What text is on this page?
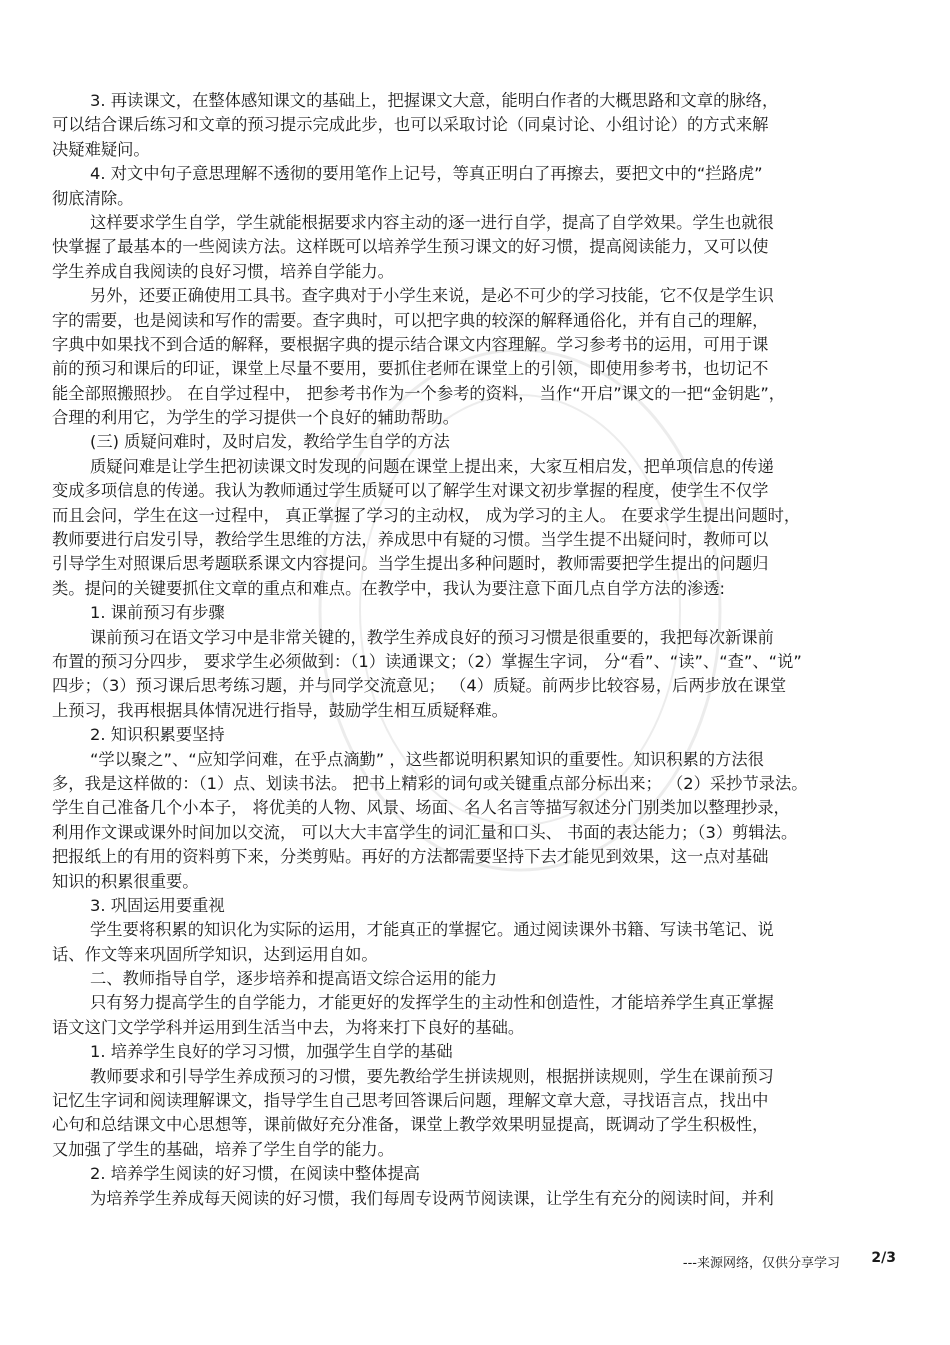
3. 再读课文，在整体感知课文的基础上，把握课文大意，能明白作者的大概思路和文章的脉络，
可以结合课后练习和文章的预习提示完成此步，也可以采取讨论（同桌讨论、小组讨论）的方式来解
决疑难疑问。
4. 对文中句子意思理解不透彻的要用笔作上记号，等真正明白了再擦去，要把文中的“拦路虎”
彻底清除。
这样要求学生自学，学生就能根据要求内容主动的逐一进行自学，提高了自学效果。学生也就很
快掌握了最基本的一些阅读方法。这样既可以培养学生预习课文的好习惯，提高阅读能力，又可以使
学生养成自我阅读的良好习惯，培养自学能力。
另外，还要正确使用工具书。查字典对于小学生来说，是必不可少的学习技能，它不仅是学生识
字的需要，也是阅读和写作的需要。查字典时，可以把字典的较深的解释通俗化，并有自己的理解，
字典中如果找不到合适的解释，要根据字典的提示结合课文内容理解。学习参考书的运用，可用于课
前的预习和课后的印证，课堂上尽量不要用，要抓住老师在课堂上的引领，即使用参考书，也切记不
能全部照搬照抄。 在自学过程中， 把参考书作为一个参考的资料， 当作“开启”课文的一把“金钥匙”，
合理的利用它，为学生的学习提供一个良好的辅助帮助。
(三) 质疑问难时，及时启发，教给学生自学的方法
质疑问难是让学生把初读课文时发现的问题在课堂上提出来，大家互相启发，把单项信息的传递
变成多项信息的传递。我认为教师通过学生质疑可以了解学生对课文初步掌握的程度，使学生不仅学
而且会问，学生在这一过程中， 真正掌握了学习的主动权， 成为学习的主人。 在要求学生提出问题时，
教师要进行启发引导，教给学生思维的方法，养成思中有疑的习惯。当学生提不出疑问时，教师可以
引导学生对照课后思考题联系课文内容提问。当学生提出多种问题时，教师需要把学生提出的问题归
类。提问的关键要抓住文章的重点和难点。在教学中，我认为要注意下面几点自学方法的渗透:
1. 课前预习有步骤
课前预习在语文学习中是非常关键的，教学生养成良好的预习习惯是很重要的，我把每次新课前
布置的预习分四步， 要求学生必须做到：（1）读通课文；（2）掌握生字词， 分“看”、“读”、“查”、“说”
四步；（3）预习课后思考练习题，并与同学交流意见； （4）质疑。前两步比较容易，后两步放在课堂
上预习，我再根据具体情况进行指导，鼓励学生相互质疑释难。
2. 知识积累要坚持
“学以聚之”、“应知学问难，在乎点滴勤” ，这些都说明积累知识的重要性。知识积累的方法很
多，我是这样做的：（1）点、划读书法。 把书上精彩的词句或关键重点部分标出来； （2）采抄节录法。
学生自己准备几个小本子， 将优美的人物、风景、场面、名人名言等描写叙述分门别类加以整理抄录，
利用作文课或课外时间加以交流， 可以大大丰富学生的词汇量和口头、 书面的表达能力；（3）剪辑法。
把报纸上的有用的资料剪下来，分类剪贴。再好的方法都需要坚持下去才能见到效果，这一点对基础
知识的积累很重要。
3. 巩固运用要重视
学生要将积累的知识化为实际的运用，才能真正的掌握它。通过阅读课外书籍、写读书笔记、说
话、作文等来巩固所学知识，达到运用自如。
二、教师指导自学，逐步培养和提高语文综合运用的能力
只有努力提高学生的自学能力，才能更好的发挥学生的主动性和创造性，才能培养学生真正掌握
语文这门文学学科并运用到生活当中去，为将来打下良好的基础。
1. 培养学生良好的学习习惯，加强学生自学的基础
教师要求和引导学生养成预习的习惯，要先教给学生拼读规则，根据拼读规则，学生在课前预习
记忆生字词和阅读理解课文，指导学生自己思考回答课后问题，理解文章大意，寻找语言点，找出中
心句和总结课文中心思想等，课前做好充分准备，课堂上教学效果明显提高，既调动了学生积极性，
又加强了学生的基础，培养了学生自学的能力。
2. 培养学生阅读的好习惯，在阅读中整体提高
为培养学生养成每天阅读的好习惯，我们每周专设两节阅读课，让学生有充分的阅读时间，并利
---来源网络，仅供分享学习 2/3
